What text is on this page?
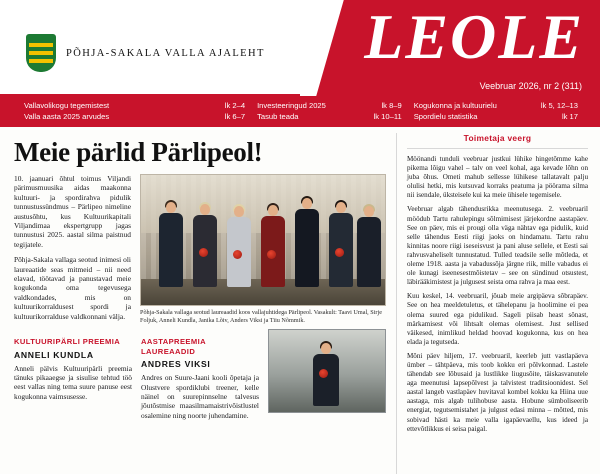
PÕHJA-SAKALA VALLA AJALEHT LEOLE
Veebruar 2026, nr 2 (311)
Vallavolikogu tegemistest	lk 2–4
Valla aasta 2025 arvudes	lk 6–7
Investeeringud 2025	lk 8–9
Tasub teada	lk 10–11
Kogukonna ja kultuurielu	lk 5, 12–13
Spordielu statistika	lk 17
Meie pärlid Pärlipeol!

10. jaanuari õhtul toimus Viljandi pärimusmuusika aidas maakonna kultuuri- ja spordirahva pidulik tunnustussündmus – Pärlipeo nimeline austusõhtu, kus Kultuurikapitali Viljandimaa ekspertgrupp jagas tunnustusi 2025. aastal silma paistnud tegijatele.

Põhja-Sakala vallaga seotud inimesi oli laureaatide seas mitmeid – nii need elavad, töötavad ja panustavad meie kogukonda oma tegevusega valdkondades, mis on kultuurikorraldusest spordi ja kultuurikorralduse valdkonnani välja.	Põhja-Sakala vallaga seotud laureaadid koos vallajuhtidega Pärlipeol. Vasakult: Taavi Umal, Sirje Foljuk, Anneli Kundla, Janika Lõiv, Anders Viksi ja Tiiu Nõmmik.
KULTUURIPÄRLI PREEMIA
ANNELI KUNDLA

Anneli pälvis Kultuuripärli preemia tänuks pikaaegse ja sisulise tehtud töö eest vallas ning tema suure panuse eest kogukonna vaimsusesse.

AASTAPREEMIA LAUREAADID
ANDRES VIKSI

Andres on Suure-Jaani kooli õpetaja ja Olustvere spordiklubi treener, kelle näinel on suurepinnselne talvesus jõutõstmise maasilmamaistrivõistlustel osalemine ning noorte juhendamine.

Toimetaja veerg

Möönandi tunduli veebruar justkui lühike hingetõmme kahe pikema lõigu vahel – talv on veel kohal, aga kevade lõhn on juba õhus. Ometi mahub sellesse lühikese tallatavalt palju olulisi hetki, mis kutsuvad korraks peatuma ja pöörama silma nii isendale, üksteisele kui ka meie ühisele tegemisele.

Veebruar algab tähendusrikka meenutusega. 2. veebruaril möödub Tartu rahulepingu sõlmimisest järjekordne aastapäev. See on päev, mis ei prougi olla väga nähtav ega pidulik, kuid selle tähendus Eesti riigi jaoks on hindamatu. Tartu rahu kinnitas noore riigi iseseisvust ja pani aluse sellele, et Eesti sai rahvusvaheliselt tunnustatud. Tulled teadsile selle mõtleda, et oleme 1918. aasta ja vabadussõja järgne riik, mille vabadus ei ole kunagi iseenesestmõistetav – see on sündinud otsustest, läbirääkimistest ja julgusest seista oma rahva ja maa eest.

Kuu keskel, 14. veebruaril, jõuab meie argipäeva sõbrapäev. See on hea meeldetuletus, et tähelepanu ja hoolimine ei pea olema suured ega pidulikud. Sageli piisab heast sõnast, märkamisest või lihtsalt olemas olemisest. Just sellised väikesed, inimlikud heldad hoovad kogukonna, kus on hea elada ja tegutseda.

Mõni päev hiljem, 17. veebruaril, keerleb jutt vastlapäeva ümber – tähtpäeva, mis toob kokku eri põlvkonnad. Lastele tähendab see lõbusaid ja lustlikke liugusõite, täiskasvanutele aga meenutusi lapsepõlvest ja talvistest traditsioonidest. Sel aastal langeb vastlapäev huvitaval kombel kokku ka Hiina uue aastaga, mis algab tulihobuse aasta. Hobune sümboliseerib energiat, tegutsemistahet ja julgust edasi minna – mõtted, mis sobivad hästi ka meie valla igapäevaellu, kus ideed ja ettevõtlikkus ei seisa paigal.
